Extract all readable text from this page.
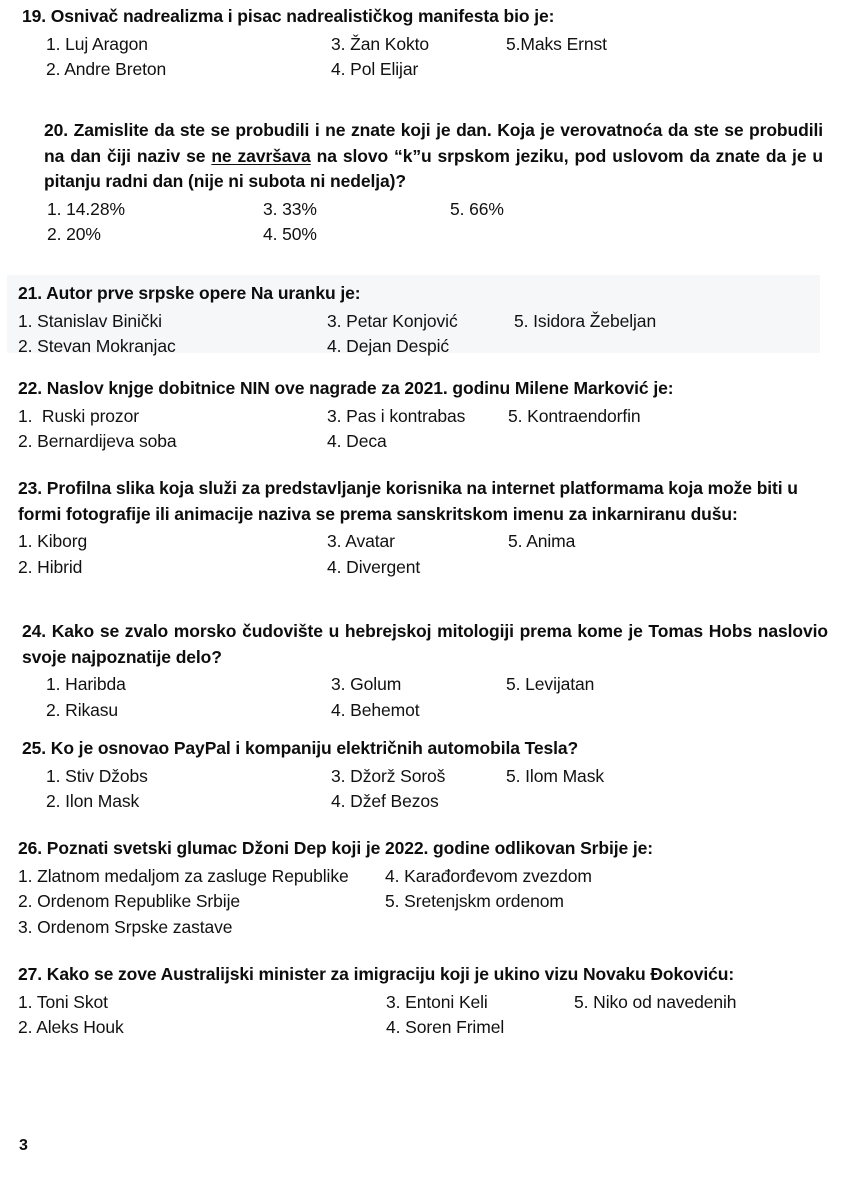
19. Osnivač nadrealizma i pisac nadrealističkog manifesta bio je:
1. Luj Aragon	3. Žan Kokto	5.Maks Ernst
2. Andre Breton	4. Pol Elijar
20. Zamislite da ste se probudili i ne znate koji je dan. Koja je verovatnoća da ste se probudili na dan čiji naziv se ne završava na slovo “k”u srpskom jeziku, pod uslovom da znate da je u pitanju radni dan (nije ni subota ni nedelja)?
1. 14.28%	3. 33%	5. 66%
2. 20%	4. 50%
21. Autor prve srpske opere Na uranku je:
1. Stanislav Binički	3. Petar Konjović	5. Isidora Žebeljan
2. Stevan Mokranjac	4. Dejan Despić
22. Naslov knjge dobitnice NIN ove nagrade za 2021. godinu Milene Marković je:
1.  Ruski prozor	3. Pas i kontrabas 5. Kontraendorfin
2. Bernardijeva soba	4. Deca
23. Profilna slika koja služi za predstavljanje korisnika na internet platformama koja može biti u formi fotografije ili animacije naziva se prema sanskritskom imenu za inkarniranu dušu:
1. Kiborg	3. Avatar	5. Anima
2. Hibrid	4. Divergent
24. Kako se zvalo morsko čudovište u hebrejskoj mitologiji prema kome je Tomas Hobs naslovio svoje najpoznatije delo?
1. Haribda	3. Golum	5. Levijatan
2. Rikasu	4. Behemot
25. Ko je osnovao PayPal i kompaniju električnih automobila Tesla?
1. Stiv Džobs	3. Džorž Soroš	5. Ilom Mask
2. Ilon Mask	4. Džef Bezos
26. Poznati svetski glumac Džoni Dep koji je 2022. godine odlikovan Srbije je:
1. Zlatnom medaljom za zasluge Republike 4. Karađorđevom zvezdom
2. Ordenom Republike Srbije	5. Sretenjskm ordenom
3. Ordenom Srpske zastave
27. Kako se zove Australijski minister za imigraciju koji je ukino vizu Novaku Đokoviću:
1. Toni Skot	3. Entoni Keli	5. Niko od navedenih
2. Aleks Houk	4. Soren Frimel
3
